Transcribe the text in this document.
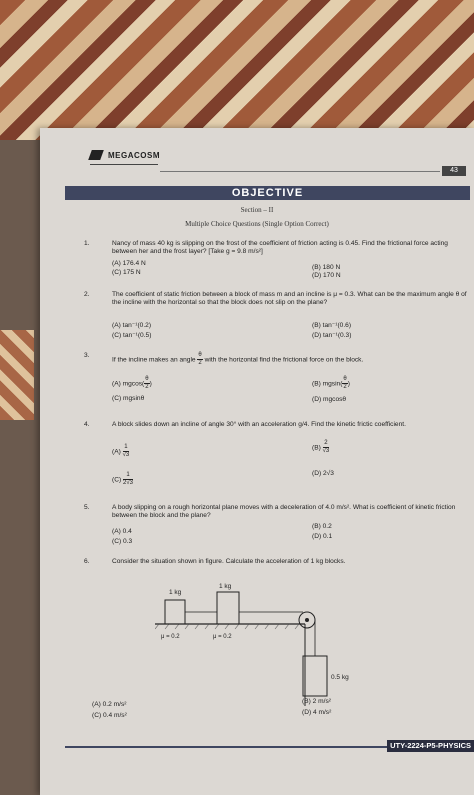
MEGACOSM
43
OBJECTIVE
Section – II
Multiple Choice Questions (Single Option Correct)
1.	Nancy of mass 40 kg is slipping on the frost of the coefficient of friction acting is 0.45. Find the frictional force acting between her and the frost layer? [Take g = 9.8 m/s²]
(A) 176.4 N
(C) 175 N
(B) 180 N
(D) 170 N
2.	The coefficient of static friction between a block of mass m and an incline is μ = 0.3. What can be the maximum angle θ of the incline with the horizontal so that the block does not slip on the plane?
(A) tan⁻¹(0.2)
(C) tan⁻¹(0.5)
(B) tan⁻¹(0.6)
(D) tan⁻¹(0.3)
3.
If the incline makes an angle $\frac{\theta}{2}$ with the horizontal find the frictional force on the block.
(A) $mgcos( \frac{\theta}{2}$ )	(B) $mgsin( \frac{\theta}{2}$ )
(C) mgsinθ	(D) mgcosθ
4.	A block slides down an incline of angle 30° with an acceleration g/4. Find the kinetic frictic coefficient.
$(A) \frac{1}{√3}$	$(B) \frac{2}{√3}$
$(C) \frac{1}{2√3}$	(D) 2√3
5.	A body slipping on a rough horizontal plane moves with a deceleration of 4.0 m/s². What is coefficient of kinetic friction between the block and the plane?
(A) 0.4
(C) 0.3
(B) 0.2
(D) 0.1
6.	Consider the situation shown in figure. Calculate the acceleration of 1 kg blocks.
1 kg
1 kg
μ = 0.2	μ = 0.2
0.5 kg
(A) 0.2 m/s²
(C) 0.4 m/s²
(B) 2 m/s²
(D) 4 m/s²
UTY-2224-P5-PHYSICS
